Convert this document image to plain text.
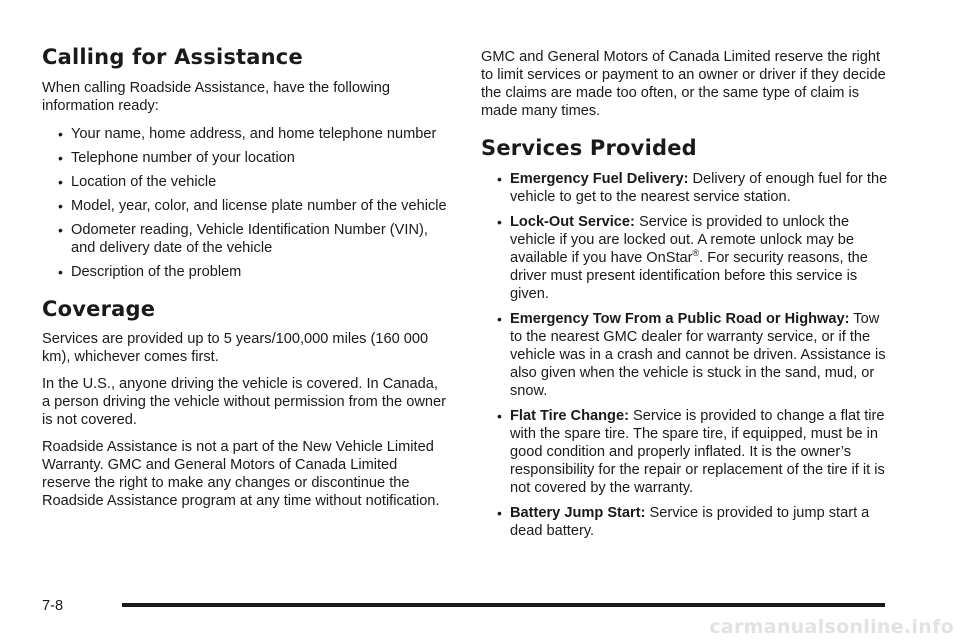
Calling for Assistance

When calling Roadside Assistance, have the following information ready:

• Your name, home address, and home telephone number
• Telephone number of your location
• Location of the vehicle
• Model, year, color, and license plate number of the vehicle
• Odometer reading, Vehicle Identification Number (VIN), and delivery date of the vehicle
• Description of the problem
Coverage

Services are provided up to 5 years/100,000 miles (160 000 km), whichever comes first.

In the U.S., anyone driving the vehicle is covered. In Canada, a person driving the vehicle without permission from the owner is not covered.

Roadside Assistance is not a part of the New Vehicle Limited Warranty. GMC and General Motors of Canada Limited reserve the right to make any changes or discontinue the Roadside Assistance program at any time without notification.

GMC and General Motors of Canada Limited reserve the right to limit services or payment to an owner or driver if they decide the claims are made too often, or the same type of claim is made many times.

Services Provided
• Emergency Fuel Delivery: Delivery of enough fuel for the vehicle to get to the nearest service station.
• Lock-Out Service: Service is provided to unlock the vehicle if you are locked out. A remote unlock may be available if you have OnStar®. For security reasons, the driver must present identification before this service is given.
• Emergency Tow From a Public Road or Highway: Tow to the nearest GMC dealer for warranty service, or if the vehicle was in a crash and cannot be driven. Assistance is also given when the vehicle is stuck in the sand, mud, or snow.
• Flat Tire Change: Service is provided to change a flat tire with the spare tire. The spare tire, if equipped, must be in good condition and properly inflated. It is the owner’s responsibility for the repair or replacement of the tire if it is not covered by the warranty.
• Battery Jump Start: Service is provided to jump start a dead battery.
7-8
carmanualsonline.info
